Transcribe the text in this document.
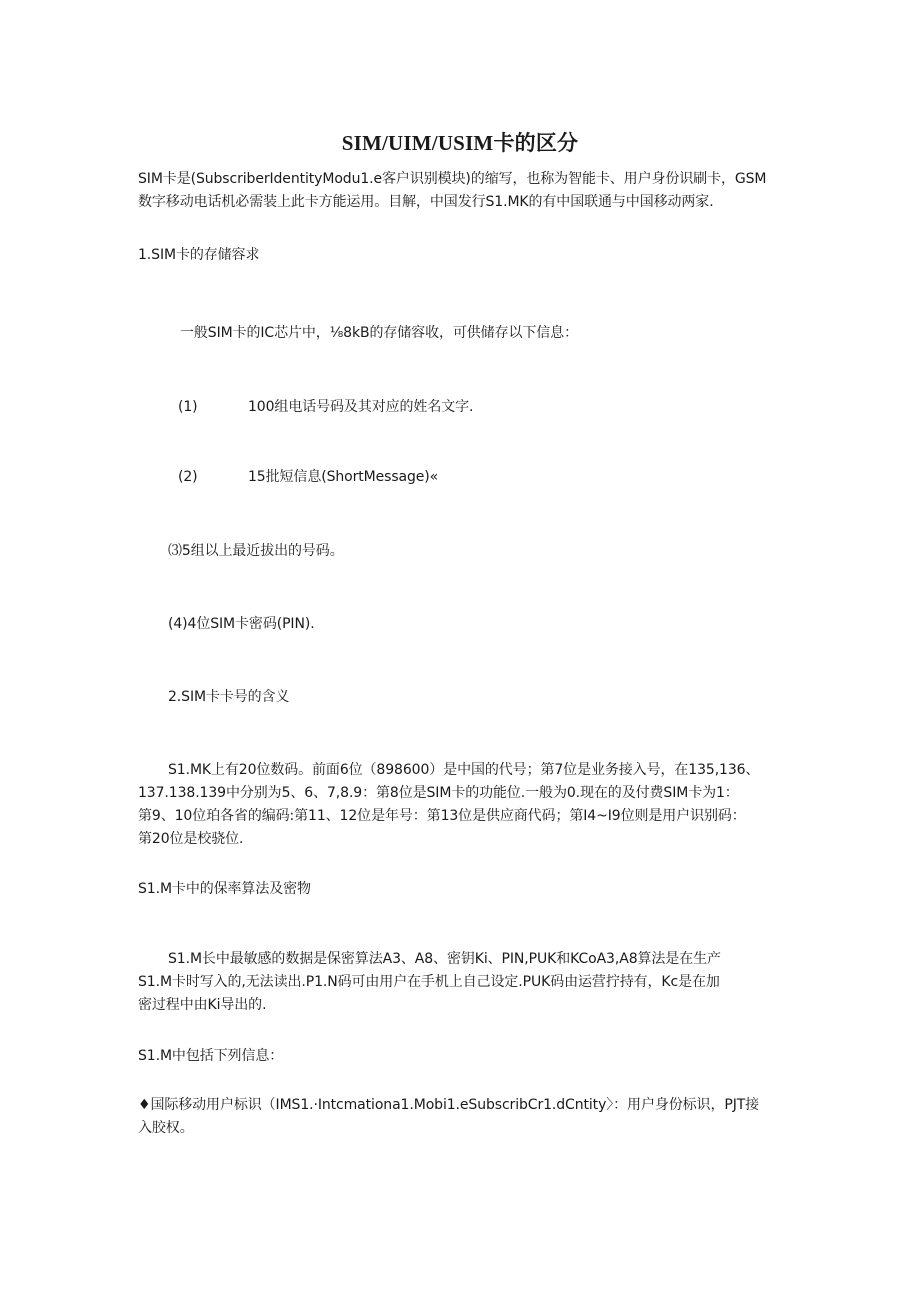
SIM/UIM/USIM卡的区分
SIM卡是(SubscriberIdentityModu1.e客户识别模块)的缩写，也称为智能卡、用户身份识刷卡，GSM
数字移动电话机必需装上此卡方能运用。目解，中国发行S1.MK的有中国联通与中国移动两家.
1.SIM卡的存储容求
一般SIM卡的IC芯片中，⅛8kB的存储容收，可供储存以下信息：
(1)	100组电话号码及其对应的姓名文字.
(2)	15批短信息(ShortMessage)«
⑶5组以上最近拔出的号码。
(4)4位SIM卡密码(PIN).
2.SIM卡卡号的含义
S1.MK上有20位数码。前面6位（898600）是中国的代号；第7位是业务接入号，在135,136、
137.138.139中分别为5、6、7,8.9：第8位是SIM卡的功能位.一般为0.现在的及付费SIM卡为1：
第9、10位珀各省的编码:第11、12位是年号：第13位是供应商代码；第I4~I9位则是用户识别码：
第20位是校骁位.
S1.M卡中的保率算法及密物
S1.M长中最敏感的数据是保密算法A3、A8、密钥Ki、PIN,PUK和KCoA3,A8算法是在生产
S1.M卡时写入的,无法读出.P1.N码可由用户在手机上自己设定.PUK码由运营拧持有，Kc是在加
密过程中由Ki导出的.
S1.M中包括下列信息：
♦国际移动用户标识（IMS1.·Intcmationa1.Mobi1.eSubscribCr1.dCntity〉：用户身份标识，PJT接
入胶权。
